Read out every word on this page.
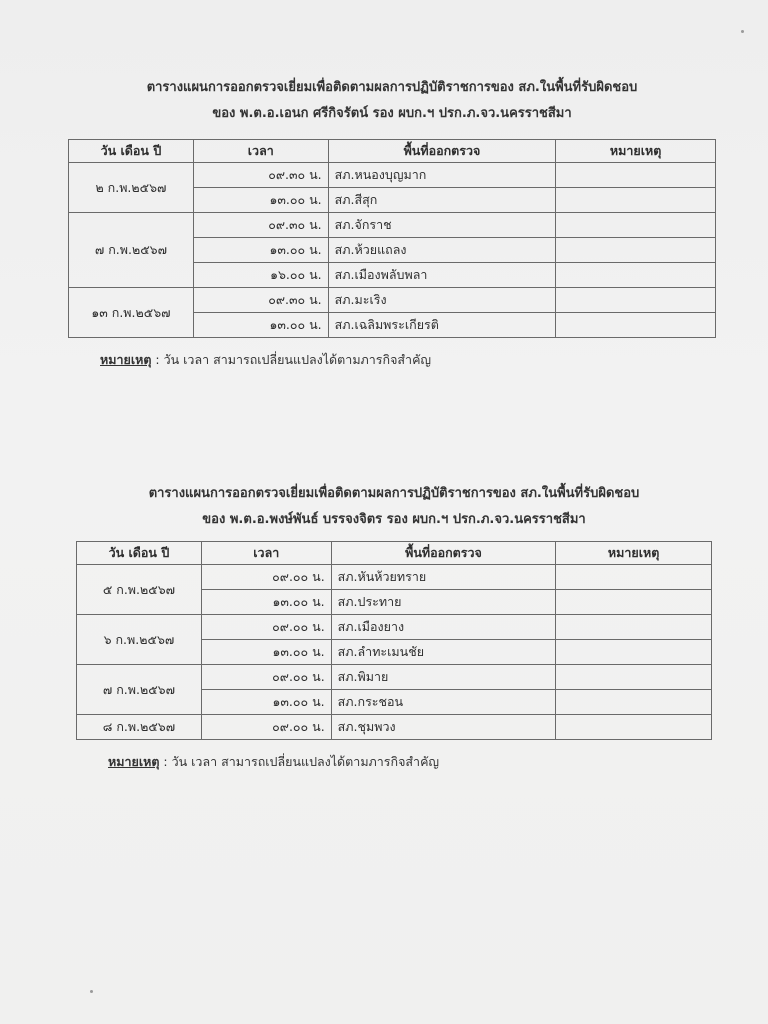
ตารางแผนการออกตรวจเยี่ยมเพื่อติดตามผลการปฏิบัติราชการของ สภ.ในพื้นที่รับผิดชอบ
ของ พ.ต.อ.เอนก ศรีกิจรัตน์ รอง ผบก.ฯ ปรก.ภ.จว.นครราชสีมา
วัน เดือน ปี	เวลา	พื้นที่ออกตรวจ	หมายเหตุ
๒ ก.พ.๒๕๖๗	๐๙.๓๐ น.	สภ.หนองบุญมาก	
	๑๓.๐๐ น.	สภ.สีสุก	
๗ ก.พ.๒๕๖๗	๐๙.๓๐ น.	สภ.จักราช	
	๑๓.๐๐ น.	สภ.ห้วยแถลง	
	๑๖.๐๐ น.	สภ.เมืองพลับพลา	
๑๓ ก.พ.๒๕๖๗	๐๙.๓๐ น.	สภ.มะเริง	
	๑๓.๐๐ น.	สภ.เฉลิมพระเกียรติ	
หมายเหตุ : วัน เวลา สามารถเปลี่ยนแปลงได้ตามภารกิจสำคัญ
ตารางแผนการออกตรวจเยี่ยมเพื่อติดตามผลการปฏิบัติราชการของ สภ.ในพื้นที่รับผิดชอบ
ของ พ.ต.อ.พงษ์พันธ์ บรรจงจิตร รอง ผบก.ฯ ปรก.ภ.จว.นครราชสีมา
วัน เดือน ปี	เวลา	พื้นที่ออกตรวจ	หมายเหตุ
๕ ก.พ.๒๕๖๗	๐๙.๐๐ น.	สภ.หันห้วยทราย	
	๑๓.๐๐ น.	สภ.ประทาย	
๖ ก.พ.๒๕๖๗	๐๙.๐๐ น.	สภ.เมืองยาง	
	๑๓.๐๐ น.	สภ.ลำทะเมนชัย	
๗ ก.พ.๒๕๖๗	๐๙.๐๐ น.	สภ.พิมาย	
	๑๓.๐๐ น.	สภ.กระชอน	
๘ ก.พ.๒๕๖๗	๐๙.๐๐ น.	สภ.ชุมพวง	
หมายเหตุ : วัน เวลา สามารถเปลี่ยนแปลงได้ตามภารกิจสำคัญ
